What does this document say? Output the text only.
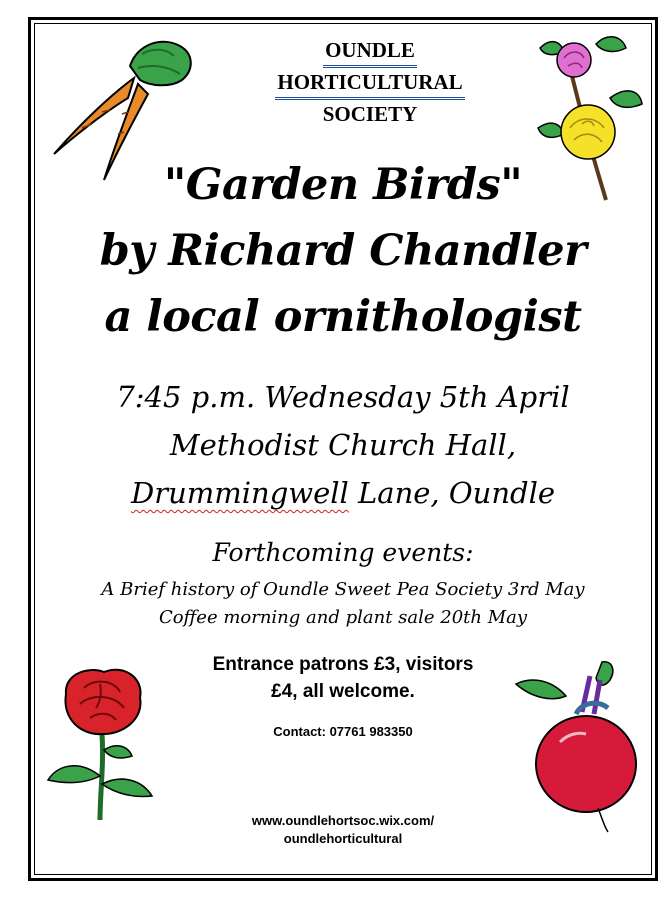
OUNDLE
HORTICULTURAL
SOCIETY
"Garden Birds"
by Richard Chandler
a local ornithologist
7:45 p.m. Wednesday 5th April
Methodist Church Hall,
Drummingwell Lane, Oundle
Forthcoming events:
A Brief history of Oundle Sweet Pea Society 3rd May
Coffee morning and plant sale 20th May
Entrance patrons £3, visitors
£4, all welcome.
Contact: 07761 983350
www.oundlehortsoc.wix.com/
oundlehorticultural
